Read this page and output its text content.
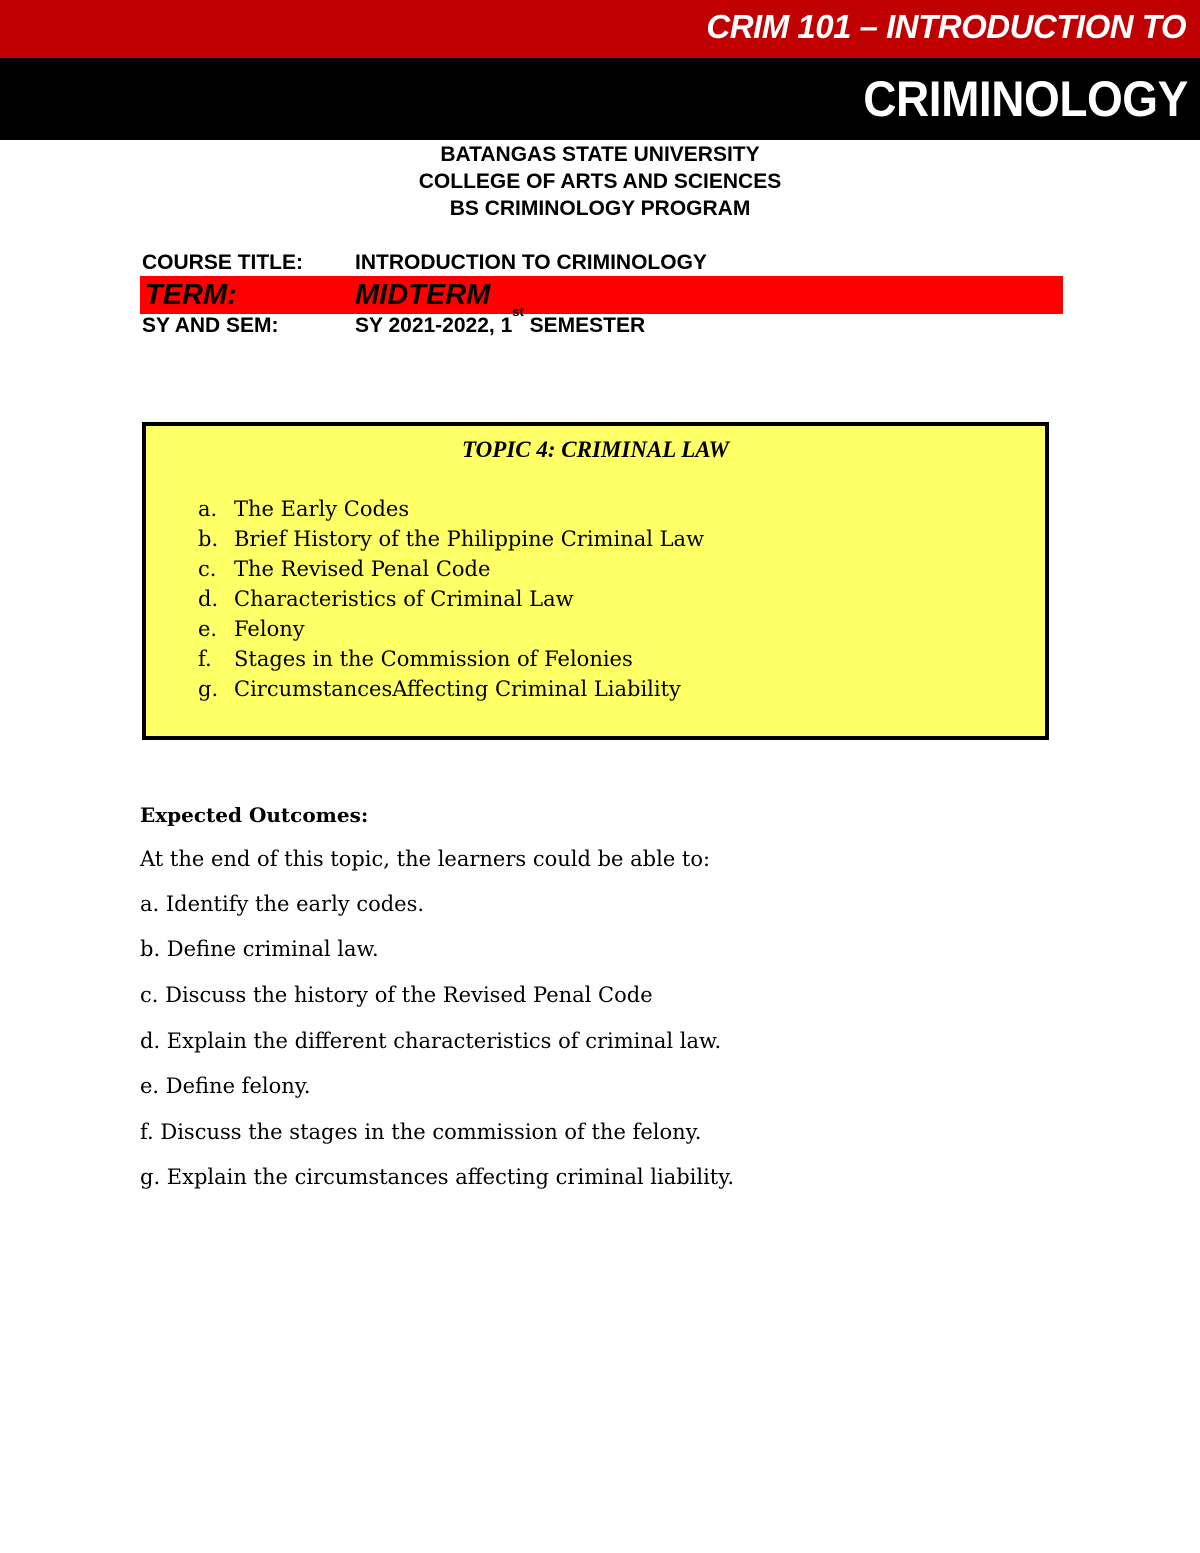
CRIM 101 – INTRODUCTION TO
CRIMINOLOGY
BATANGAS STATE UNIVERSITY
COLLEGE OF ARTS AND SCIENCES
BS CRIMINOLOGY PROGRAM
COURSE TITLE: INTRODUCTION TO CRIMINOLOGY
TERM:	MIDTERM
SY AND SEM:	SY 2021-2022, 1st SEMESTER
TOPIC 4: CRIMINAL LAW
a. The Early Codes
b. Brief History of the Philippine Criminal Law
c. The Revised Penal Code
d. Characteristics of Criminal Law
e. Felony
f. Stages in the Commission of Felonies
g. CircumstancesAffecting Criminal Liability
Expected Outcomes:
At the end of this topic, the learners could be able to:
a. Identify the early codes.
b. Define criminal law.
c. Discuss the history of the Revised Penal Code
d. Explain the different characteristics of criminal law.
e. Define felony.
f. Discuss the stages in the commission of the felony.
g. Explain the circumstances affecting criminal liability.
